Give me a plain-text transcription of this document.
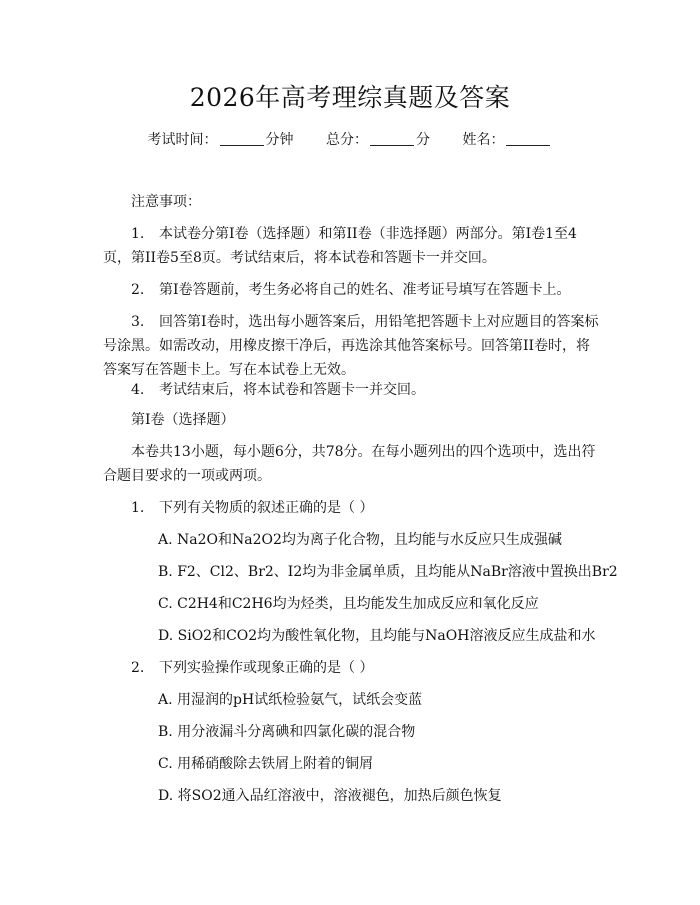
2026年高考理综真题及答案
考试时间：	分钟 总分：	分 姓名：
注意事项：
1. 本试卷分第Ⅰ卷（选择题）和第II卷（非选择题）两部分。第Ⅰ卷1至4页，第II卷5至8页。考试结束后，将本试卷和答题卡一并交回。
2. 第Ⅰ卷答题前，考生务必将自己的姓名、准考证号填写在答题卡上。
3. 回答第Ⅰ卷时，选出每小题答案后，用铅笔把答题卡上对应题目的答案标号涂黑。如需改动，用橡皮擦干净后，再选涂其他答案标号。回答第II卷时，将答案写在答题卡上。写在本试卷上无效。
4. 考试结束后，将本试卷和答题卡一并交回。
第Ⅰ卷（选择题）
本卷共13小题，每小题6分，共78分。在每小题列出的四个选项中，选出符合题目要求的一项或两项。
1. 下列有关物质的叙述正确的是（ ）
A. Na2O和Na2O2均为离子化合物，且均能与水反应只生成强碱
B. F2、Cl2、Br2、I2均为非金属单质，且均能从NaBr溶液中置换出Br2
C. C2H4和C2H6均为烃类，且均能发生加成反应和氧化反应
D. SiO2和CO2均为酸性氧化物，且均能与NaOH溶液反应生成盐和水
2. 下列实验操作或现象正确的是（ ）
A. 用湿润的pH试纸检验氨气，试纸会变蓝
B. 用分液漏斗分离碘和四氯化碳的混合物
C. 用稀硝酸除去铁屑上附着的铜屑
D. 将SO2通入品红溶液中，溶液褪色，加热后颜色恢复
